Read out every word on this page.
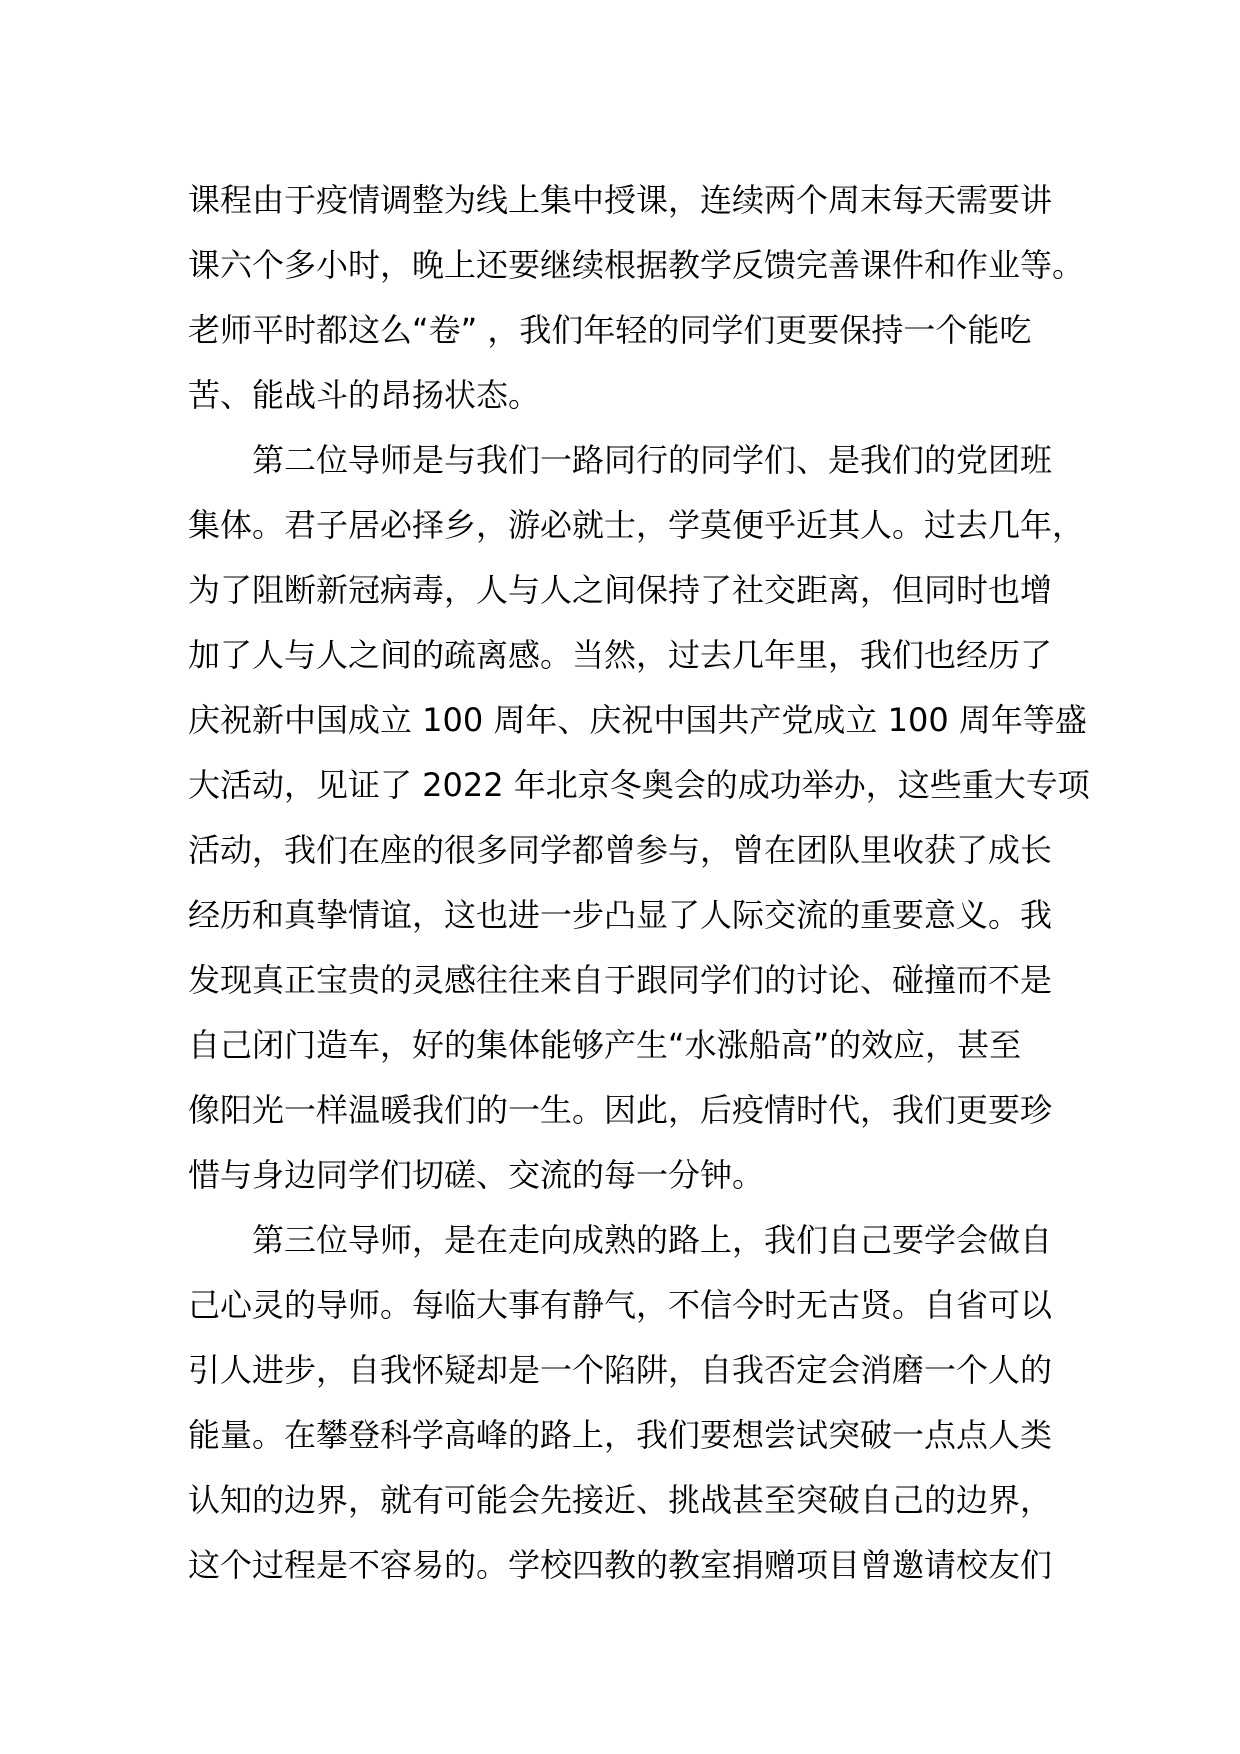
课程由于疫情调整为线上集中授课，连续两个周末每天需要讲
课六个多小时，晚上还要继续根据教学反馈完善课件和作业等。
老师平时都这么“卷” ，我们年轻的同学们更要保持一个能吃
苦、能战斗的昂扬状态。
　　第二位导师是与我们一路同行的同学们、是我们的党团班
集体。君子居必择乡，游必就士，学莫便乎近其人。过去几年，
为了阻断新冠病毒，人与人之间保持了社交距离，但同时也增
加了人与人之间的疏离感。当然，过去几年里，我们也经历了
庆祝新中国成立 100 周年、庆祝中国共产党成立 100 周年等盛
大活动，见证了 2022 年北京冬奥会的成功举办，这些重大专项
活动，我们在座的很多同学都曾参与，曾在团队里收获了成长
经历和真挚情谊，这也进一步凸显了人际交流的重要意义。我
发现真正宝贵的灵感往往来自于跟同学们的讨论、碰撞而不是
自己闭门造车，好的集体能够产生“水涨船高”的效应，甚至
像阳光一样温暖我们的一生。因此，后疫情时代，我们更要珍
惜与身边同学们切磋、交流的每一分钟。
　　第三位导师，是在走向成熟的路上，我们自己要学会做自
己心灵的导师。每临大事有静气，不信今时无古贤。自省可以
引人进步，自我怀疑却是一个陷阱，自我否定会消磨一个人的
能量。在攀登科学高峰的路上，我们要想尝试突破一点点人类
认知的边界，就有可能会先接近、挑战甚至突破自己的边界，
这个过程是不容易的。学校四教的教室捐赠项目曾邀请校友们
